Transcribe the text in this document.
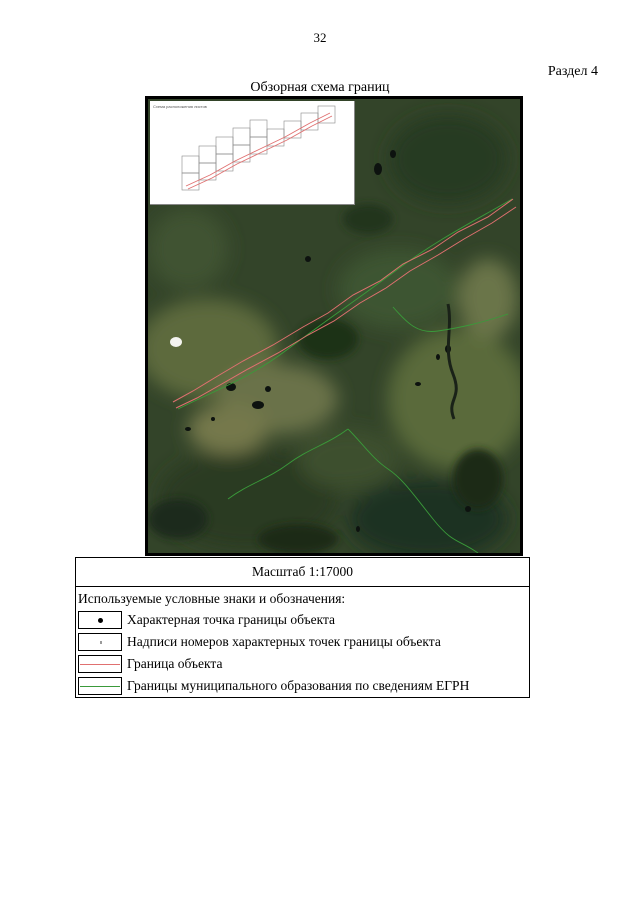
32
Раздел 4
Обзорная схема границ
Схема расположения листов
Масштаб 1:17000
Используемые условные знаки и обозначения:
Характерная точка границы объекта
Надписи номеров характерных точек границы объекта
Граница объекта
Границы муниципального образования по сведениям ЕГРН
